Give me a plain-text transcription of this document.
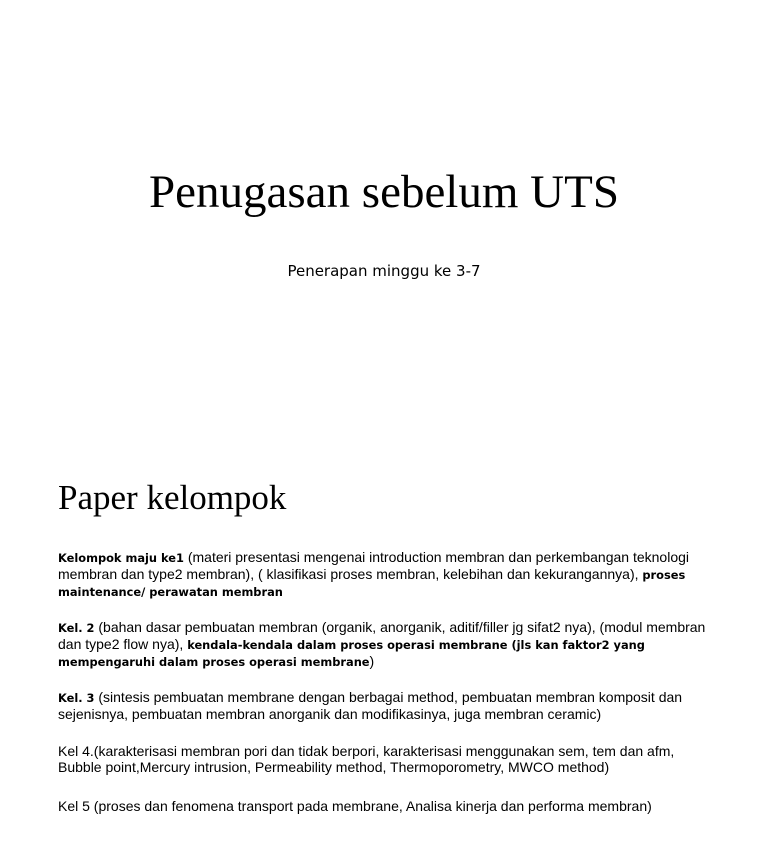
Penugasan sebelum UTS
Penerapan minggu ke 3-7
Paper kelompok

Kelompok maju ke1 (materi presentasi mengenai introduction membran dan perkembangan teknologi membran dan type2 membran), ( klasifikasi proses membran, kelebihan dan kekurangannya), proses maintenance/ perawatan membran

Kel. 2 (bahan dasar pembuatan membran (organik, anorganik, aditif/filler jg sifat2 nya), (modul membran dan type2 flow nya), kendala-kendala dalam proses operasi membrane (jls kan faktor2 yang mempengaruhi dalam proses operasi membrane)

Kel. 3 (sintesis pembuatan membrane dengan berbagai method, pembuatan membran komposit dan sejenisnya, pembuatan membran anorganik dan modifikasinya, juga membran ceramic)

Kel 4.(karakterisasi membran pori dan tidak berpori, karakterisasi menggunakan sem, tem dan afm, Bubble point,Mercury intrusion, Permeability method, Thermoporometry, MWCO method)

Kel 5 (proses dan fenomena transport pada membrane, Analisa kinerja dan performa membran)
